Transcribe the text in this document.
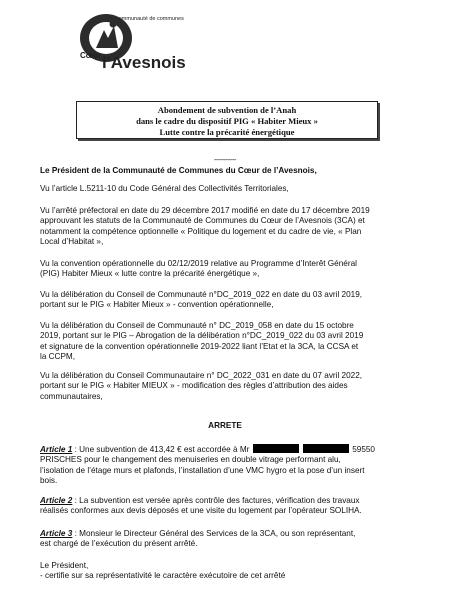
communauté de communes
Cœur l'Avesnois
Abondement de subvention de l’Anah
dans le cadre du dispositif PIG « Habiter Mieux »
Lutte contre la précarité énergétique
------------
Le Président de la Communauté de Communes du Cœur de l’Avesnois,
Vu l’article L.5211-10 du Code Général des Collectivités Territoriales,
Vu l’arrêté préfectoral en date du 29 décembre 2017 modifié en date du 17 décembre 2019
approuvant les statuts de la Communauté de Communes du Cœur de l’Avesnois (3CA) et
notamment la compétence optionnelle « Politique du logement et du cadre de vie, « Plan
Local d’Habitat »,
Vu la convention opérationnelle du 02/12/2019 relative au Programme d’Interêt Général
(PIG) Habiter Mieux « lutte contre la précarité énergétique »,
Vu la délibération du Conseil de Communauté n°DC_2019_022 en date du 03 avril 2019,
portant sur le PIG « Habiter Mieux » - convention opérationnelle,
Vu la délibération du Conseil de Communauté n° DC_2019_058 en date du 15 octobre
2019, portant sur le PIG – Abrogation de la délibération n°DC_2019_022 du 03 avril 2019
et signature de la convention opérationnelle 2019-2022 liant l’Etat et la 3CA, la CCSA et
la CCPM,
Vu la délibération du Conseil Communautaire n° DC_2022_031 en date du 07 avril 2022,
portant sur le PIG « Habiter MIEUX » - modification des règles d’attribution des aides
communautaires,
ARRETE
Article 1 : Une subvention de 413,42 € est accordée à Mr	59550
PRISCHES pour le changement des menuiseries en double vitrage performant alu,
l’isolation de l’étage murs et plafonds, l’installation d’une VMC hygro et la pose d’un insert
bois.
Article 2 : La subvention est versée après contrôle des factures, vérification des travaux
réalisés conformes aux devis déposés et une visite du logement par l’opérateur SOLIHA.
Article 3 : Monsieur le Directeur Général des Services de la 3CA, ou son représentant,
est chargé de l’exécution du présent arrêté.
Le Président,
- certifie sur sa représentativité le caractère exécutoire de cet arrêté
